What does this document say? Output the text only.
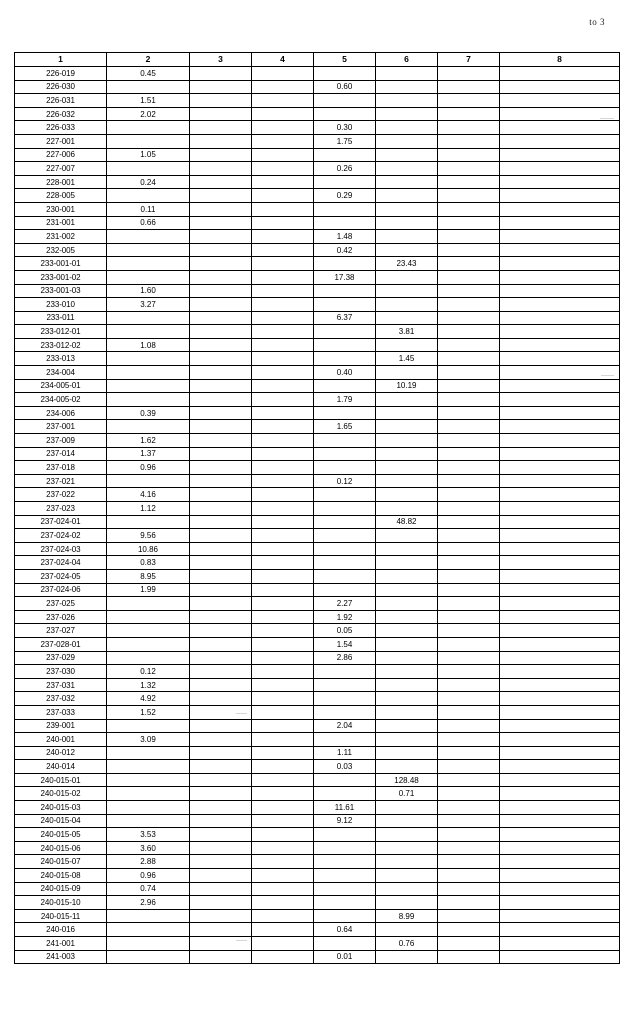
to 3
1	2	3	4	5	6	7	8
226-019	0.45						
226-030				0.60			
226-031	1.51						
226-032	2.02						
226-033				0.30			
227-001				1.75			
227-006	1.05						
227-007				0.26			
228-001	0.24						
228-005				0.29			
230-001	0.11						
231-001	0.66						
231-002				1.48			
232-005				0.42			
233-001-01					23.43		
233-001-02				17.38			
233-001-03	1.60						
233-010	3.27						
233-011				6.37			
233-012-01					3.81		
233-012-02	1.08						
233-013					1.45		
234-004				0.40			
234-005-01					10.19		
234-005-02				1.79			
234-006	0.39						
237-001				1.65			
237-009	1.62						
237-014	1.37						
237-018	0.96						
237-021				0.12			
237-022	4.16						
237-023	1.12						
237-024-01					48.82		
237-024-02	9.56						
237-024-03	10.86						
237-024-04	0.83						
237-024-05	8.95						
237-024-06	1.99						
237-025				2.27			
237-026				1.92			
237-027				0.05			
237-028-01				1.54			
237-029				2.86			
237-030	0.12						
237-031	1.32						
237-032	4.92						
237-033	1.52						
239-001				2.04			
240-001	3.09						
240-012				1.11			
240-014				0.03			
240-015-01					128.48		
240-015-02					0.71		
240-015-03				11.61			
240-015-04				9.12			
240-015-05	3.53						
240-015-06	3.60						
240-015-07	2.88						
240-015-08	0.96						
240-015-09	0.74						
240-015-10	2.96						
240-015-11					8.99		
240-016				0.64			
241-001					0.76		
241-003				0.01			
